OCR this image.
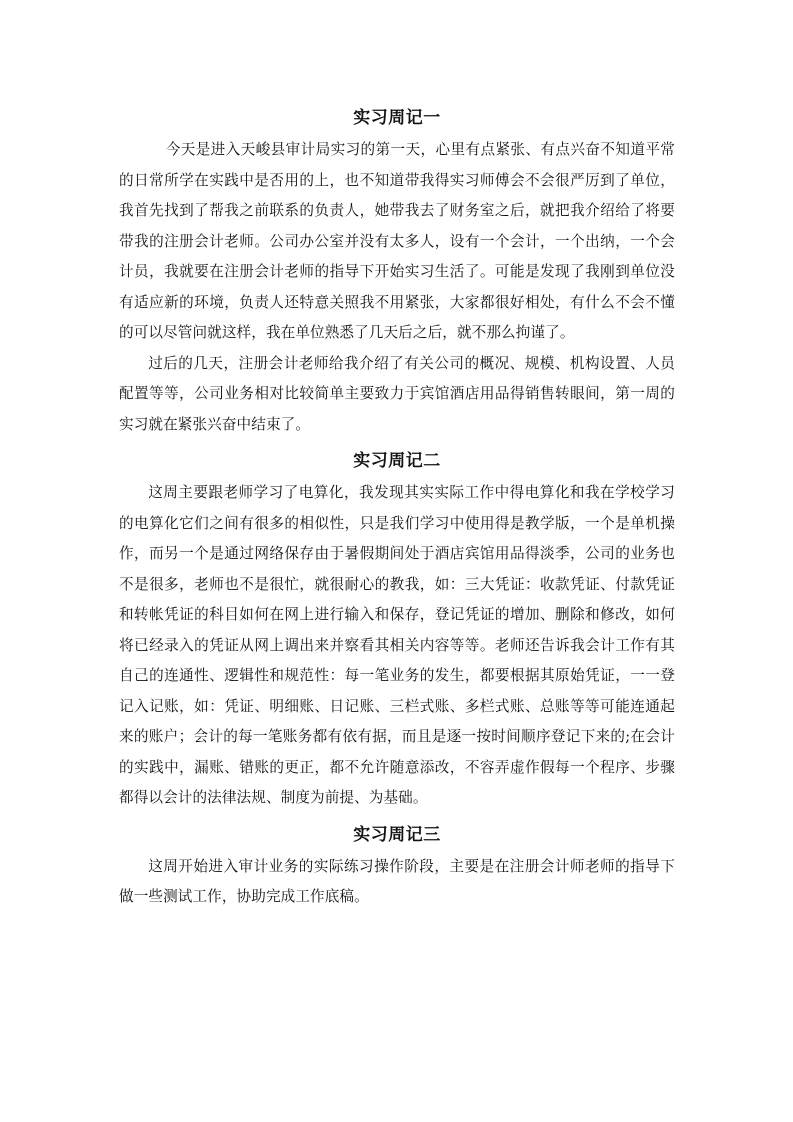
实习周记一

今天是进入天峻县审计局实习的第一天，心里有点紧张、有点兴奋不知道平常的日常所学在实践中是否用的上，也不知道带我得实习师傅会不会很严厉到了单位，我首先找到了帮我之前联系的负责人，她带我去了财务室之后，就把我介绍给了将要带我的注册会计老师。公司办公室并没有太多人，设有一个会计，一个出纳，一个会计员，我就要在注册会计老师的指导下开始实习生活了。可能是发现了我刚到单位没有适应新的环境，负责人还特意关照我不用紧张，大家都很好相处，有什么不会不懂的可以尽管问就这样，我在单位熟悉了几天后之后，就不那么拘谨了。

过后的几天，注册会计老师给我介绍了有关公司的概况、规模、机构设置、人员配置等等，公司业务相对比较简单主要致力于宾馆酒店用品得销售转眼间，第一周的实习就在紧张兴奋中结束了。

实习周记二

这周主要跟老师学习了电算化，我发现其实实际工作中得电算化和我在学校学习的电算化它们之间有很多的相似性，只是我们学习中使用得是教学版，一个是单机操作，而另一个是通过网络保存由于暑假期间处于酒店宾馆用品得淡季，公司的业务也不是很多，老师也不是很忙，就很耐心的教我，如：三大凭证：收款凭证、付款凭证和转帐凭证的科目如何在网上进行输入和保存，登记凭证的增加、删除和修改，如何将已经录入的凭证从网上调出来并察看其相关内容等等。老师还告诉我会计工作有其自己的连通性、逻辑性和规范性：每一笔业务的发生，都要根据其原始凭证，一一登记入记账，如：凭证、明细账、日记账、三栏式账、多栏式账、总账等等可能连通起来的账户；会计的每一笔账务都有依有据，而且是逐一按时间顺序登记下来的;在会计的实践中，漏账、错账的更正，都不允许随意添改，不容弄虚作假每一个程序、步骤都得以会计的法律法规、制度为前提、为基础。

实习周记三

这周开始进入审计业务的实际练习操作阶段，主要是在注册会计师老师的指导下做一些测试工作，协助完成工作底稿。
